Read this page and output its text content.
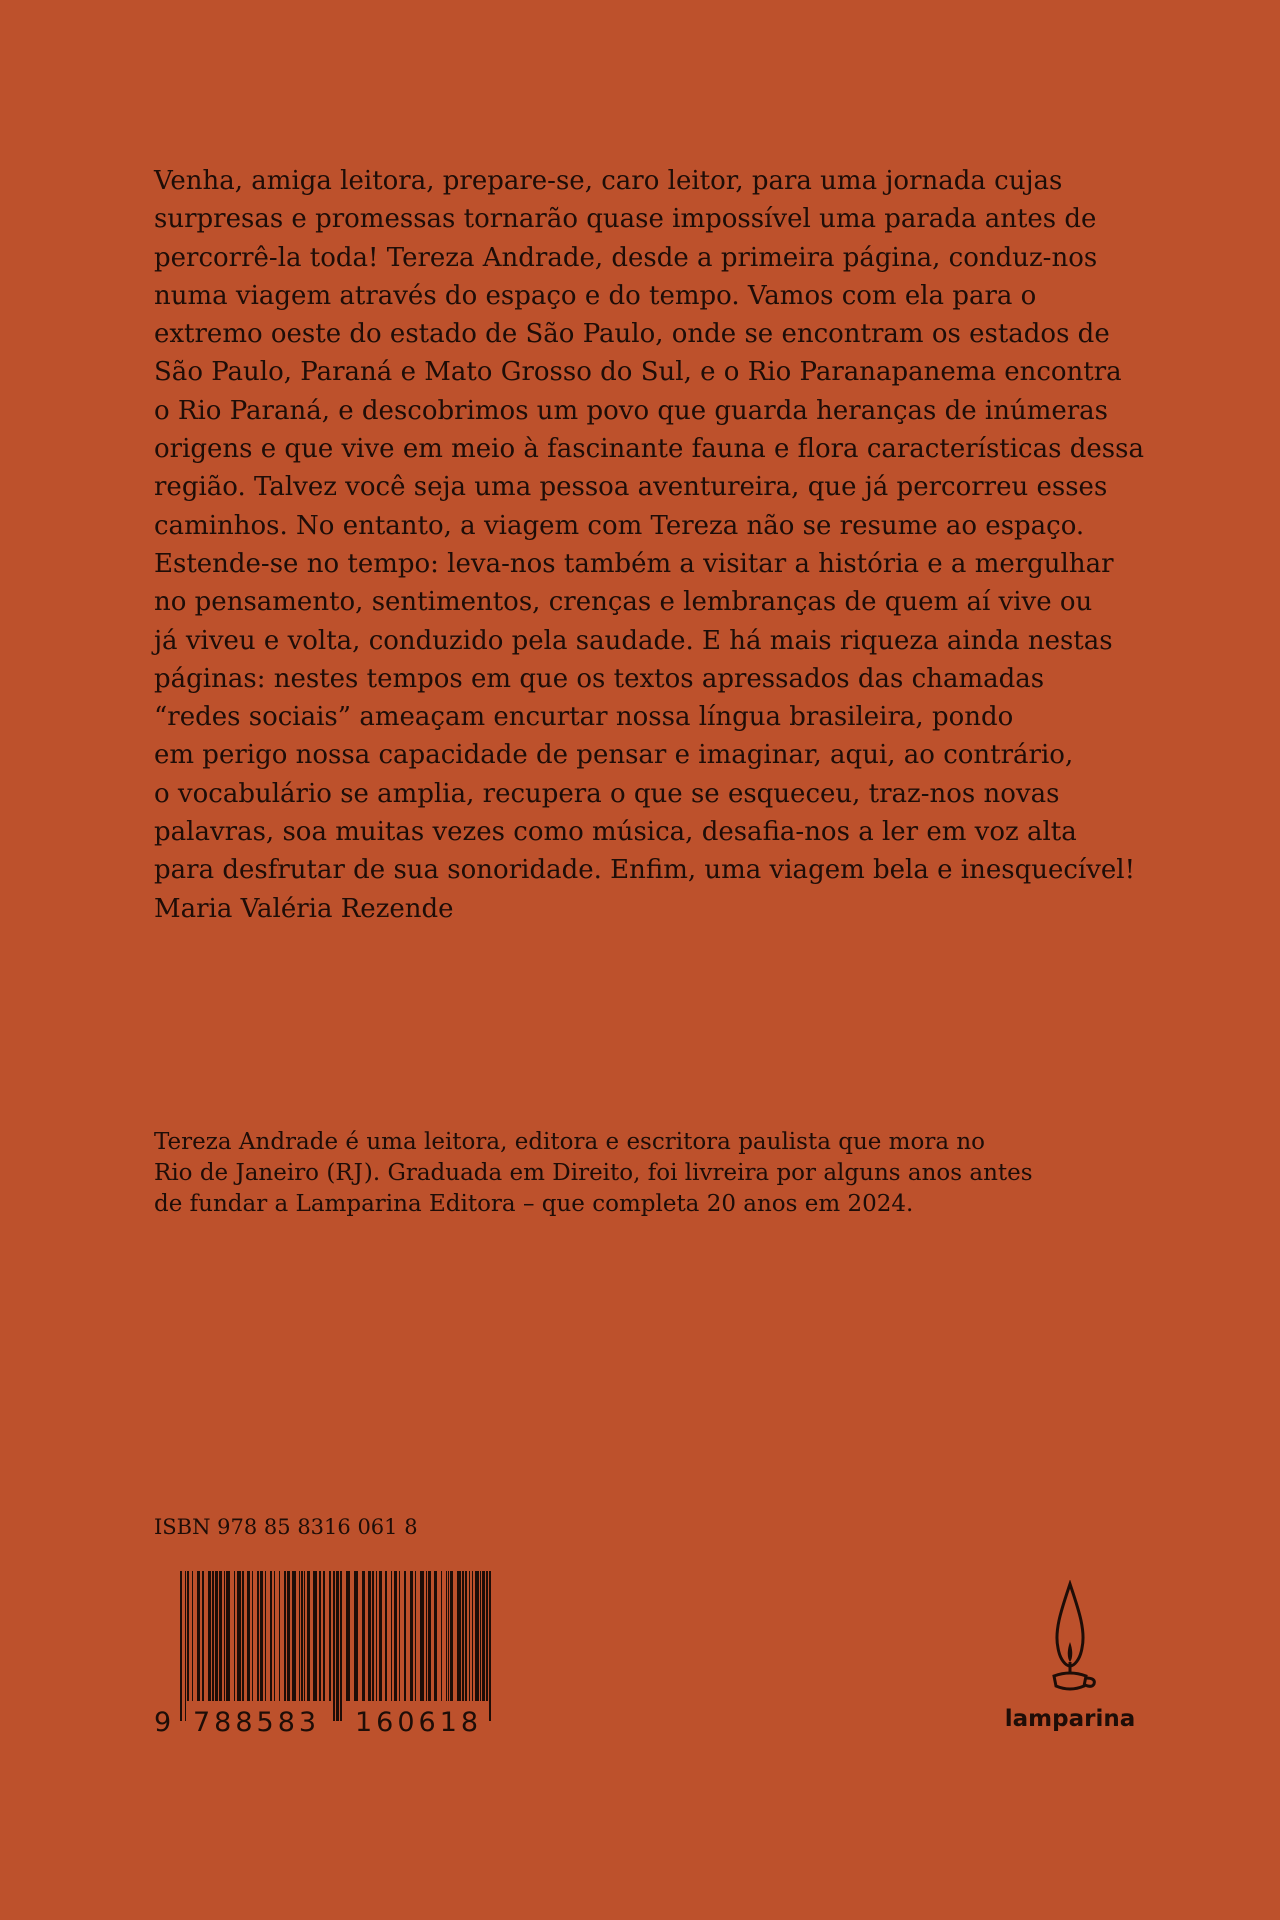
Venha, amiga leitora, prepare-se, caro leitor, para uma jornada cujas
surpresas e promessas tornarão quase impossível uma parada antes de
percorrê-la toda! Tereza Andrade, desde a primeira página, conduz-nos
numa viagem através do espaço e do tempo. Vamos com ela para o
extremo oeste do estado de São Paulo, onde se encontram os estados de
São Paulo, Paraná e Mato Grosso do Sul, e o Rio Paranapanema encontra
o Rio Paraná, e descobrimos um povo que guarda heranças de inúmeras
origens e que vive em meio à fascinante fauna e flora características dessa
região. Talvez você seja uma pessoa aventureira, que já percorreu esses
caminhos. No entanto, a viagem com Tereza não se resume ao espaço.
Estende-se no tempo: leva-nos também a visitar a história e a mergulhar
no pensamento, sentimentos, crenças e lembranças de quem aí vive ou
já viveu e volta, conduzido pela saudade. E há mais riqueza ainda nestas
páginas: nestes tempos em que os textos apressados das chamadas
“redes sociais” ameaçam encurtar nossa língua brasileira, pondo
em perigo nossa capacidade de pensar e imaginar, aqui, ao contrário,
o vocabulário se amplia, recupera o que se esqueceu, traz-nos novas
palavras, soa muitas vezes como música, desafia-nos a ler em voz alta
para desfrutar de sua sonoridade. Enfim, uma viagem bela e inesquecível!
Maria Valéria Rezende
Tereza Andrade é uma leitora, editora e escritora paulista que mora no
Rio de Janeiro (RJ). Graduada em Direito, foi livreira por alguns anos antes
de fundar a Lamparina Editora – que completa 20 anos em 2024.
ISBN 978 85 8316 061 8
9 788583 160618	lamparina
